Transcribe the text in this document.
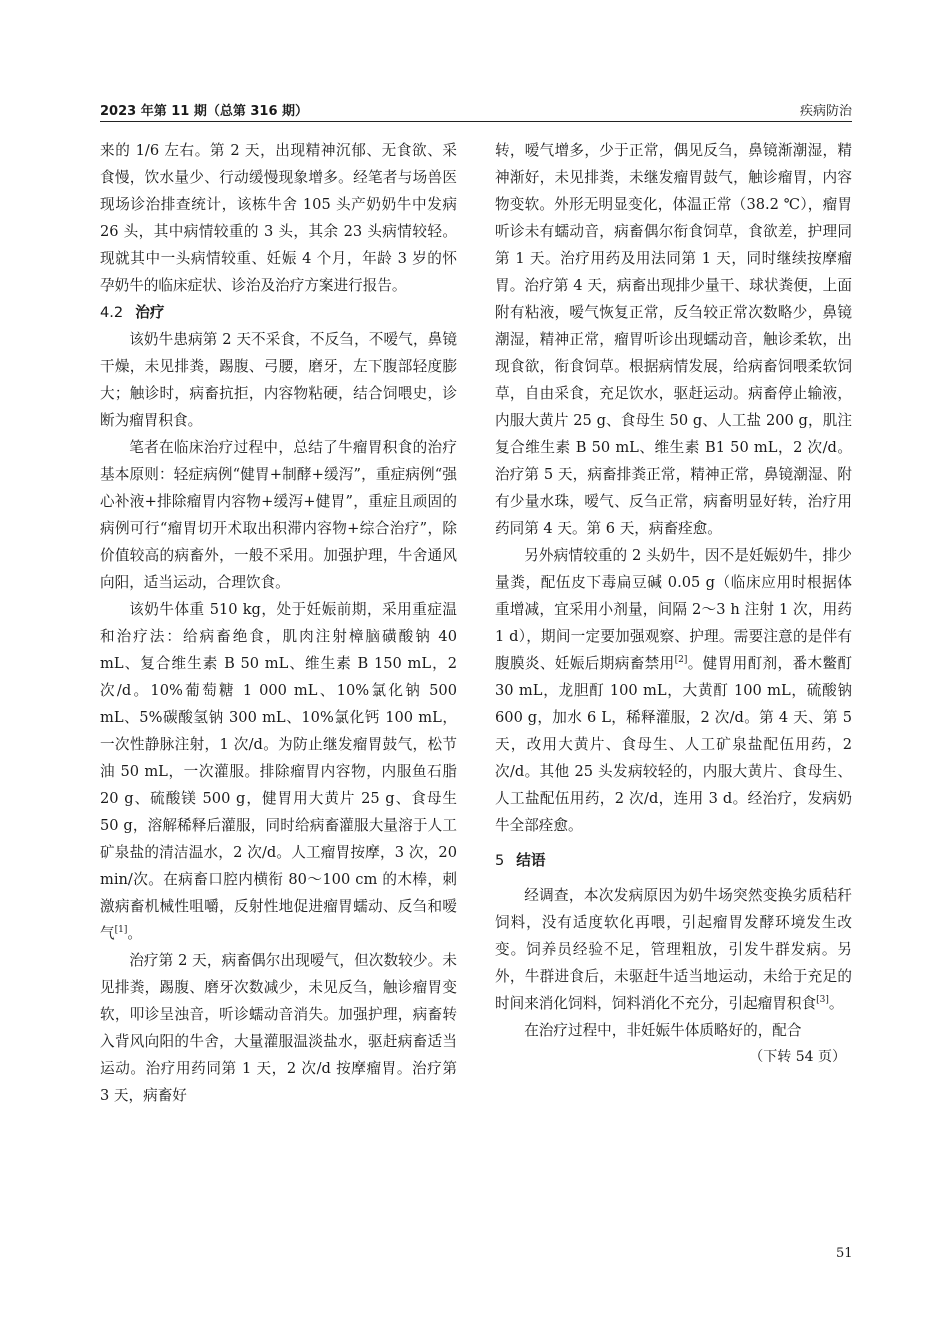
2023 年第 11 期（总第 316 期）	疾病防治

来的 1/6 左右。第 2 天，出现精神沉郁、无食欲、采食慢，饮水量少、行动缓慢现象增多。经笔者与场兽医现场诊治排查统计，该栋牛舍 105 头产奶奶牛中发病 26 头，其中病情较重的 3 头，其余 23 头病情较轻。现就其中一头病情较重、妊娠 4 个月，年龄 3 岁的怀孕奶牛的临床症状、诊治及治疗方案进行报告。

4.2 治疗

该奶牛患病第 2 天不采食，不反刍，不嗳气，鼻镜干燥，未见排粪，踢腹、弓腰，磨牙，左下腹部轻度膨大；触诊时，病畜抗拒，内容物粘硬，结合饲喂史，诊断为瘤胃积食。

笔者在临床治疗过程中，总结了牛瘤胃积食的治疗基本原则：轻症病例“健胃+制酵+缓泻”，重症病例“强心补液+排除瘤胃内容物+缓泻+健胃”，重症且顽固的病例可行“瘤胃切开术取出积滞内容物+综合治疗”，除价值较高的病畜外，一般不采用。加强护理，牛舍通风向阳，适当运动，合理饮食。

该奶牛体重 510 kg，处于妊娠前期，采用重症温和治疗法：给病畜绝食，肌肉注射樟脑磺酸钠 40 mL、复合维生素 B 50 mL、维生素 B 150 mL，2 次/d。10%葡萄糖 1 000 mL、10%氯化钠 500 mL、5%碳酸氢钠 300 mL、10%氯化钙 100 mL，一次性静脉注射，1 次/d。为防止继发瘤胃鼓气，松节油 50 mL，一次灌服。排除瘤胃内容物，内服鱼石脂 20 g、硫酸镁 500 g，健胃用大黄片 25 g、食母生 50 g，溶解稀释后灌服，同时给病畜灌服大量溶于人工矿泉盐的清洁温水，2 次/d。人工瘤胃按摩，3 次，20 min/次。在病畜口腔内横衔 80～100 cm 的木棒，刺激病畜机械性咀嚼，反射性地促进瘤胃蠕动、反刍和嗳气[1]。

治疗第 2 天，病畜偶尔出现嗳气，但次数较少。未见排粪，踢腹、磨牙次数减少，未见反刍，触诊瘤胃变软，叩诊呈浊音，听诊蠕动音消失。加强护理，病畜转入背风向阳的牛舍，大量灌服温淡盐水，驱赶病畜适当运动。治疗用药同第 1 天，2 次/d 按摩瘤胃。治疗第 3 天，病畜好

转，嗳气增多，少于正常，偶见反刍，鼻镜渐潮湿，精神渐好，未见排粪，未继发瘤胃鼓气，触诊瘤胃，内容物变软。外形无明显变化，体温正常（38.2 ℃），瘤胃听诊未有蠕动音，病畜偶尔衔食饲草，食欲差，护理同第 1 天。治疗用药及用法同第 1 天，同时继续按摩瘤胃。治疗第 4 天，病畜出现排少量干、球状粪便，上面附有粘液，嗳气恢复正常，反刍较正常次数略少，鼻镜潮湿，精神正常，瘤胃听诊出现蠕动音，触诊柔软，出现食欲，衔食饲草。根据病情发展，给病畜饲喂柔软饲草，自由采食，充足饮水，驱赶运动。病畜停止输液，内服大黄片 25 g、食母生 50 g、人工盐 200 g，肌注复合维生素 B 50 mL、维生素 B1 50 mL，2 次/d。治疗第 5 天，病畜排粪正常，精神正常，鼻镜潮湿、附有少量水珠，嗳气、反刍正常，病畜明显好转，治疗用药同第 4 天。第 6 天，病畜痊愈。

另外病情较重的 2 头奶牛，因不是妊娠奶牛，排少量粪，配伍皮下毒扁豆碱 0.05 g（临床应用时根据体重增减，宜采用小剂量，间隔 2～3 h 注射 1 次，用药 1 d），期间一定要加强观察、护理。需要注意的是伴有腹膜炎、妊娠后期病畜禁用[2]。健胃用酊剂，番木鳖酊 30 mL，龙胆酊 100 mL，大黄酊 100 mL，硫酸钠 600 g，加水 6 L，稀释灌服，2 次/d。第 4 天、第 5 天，改用大黄片、食母生、人工矿泉盐配伍用药，2 次/d。其他 25 头发病较轻的，内服大黄片、食母生、人工盐配伍用药，2 次/d，连用 3 d。经治疗，发病奶牛全部痊愈。

5 结语

经调查，本次发病原因为奶牛场突然变换劣质秸秆饲料，没有适度软化再喂，引起瘤胃发酵环境发生改变。饲养员经验不足，管理粗放，引发牛群发病。另外，牛群进食后，未驱赶牛适当地运动，未给于充足的时间来消化饲料，饲料消化不充分，引起瘤胃积食[3]。

在治疗过程中，非妊娠牛体质略好的，配合

（下转 54 页）
51
